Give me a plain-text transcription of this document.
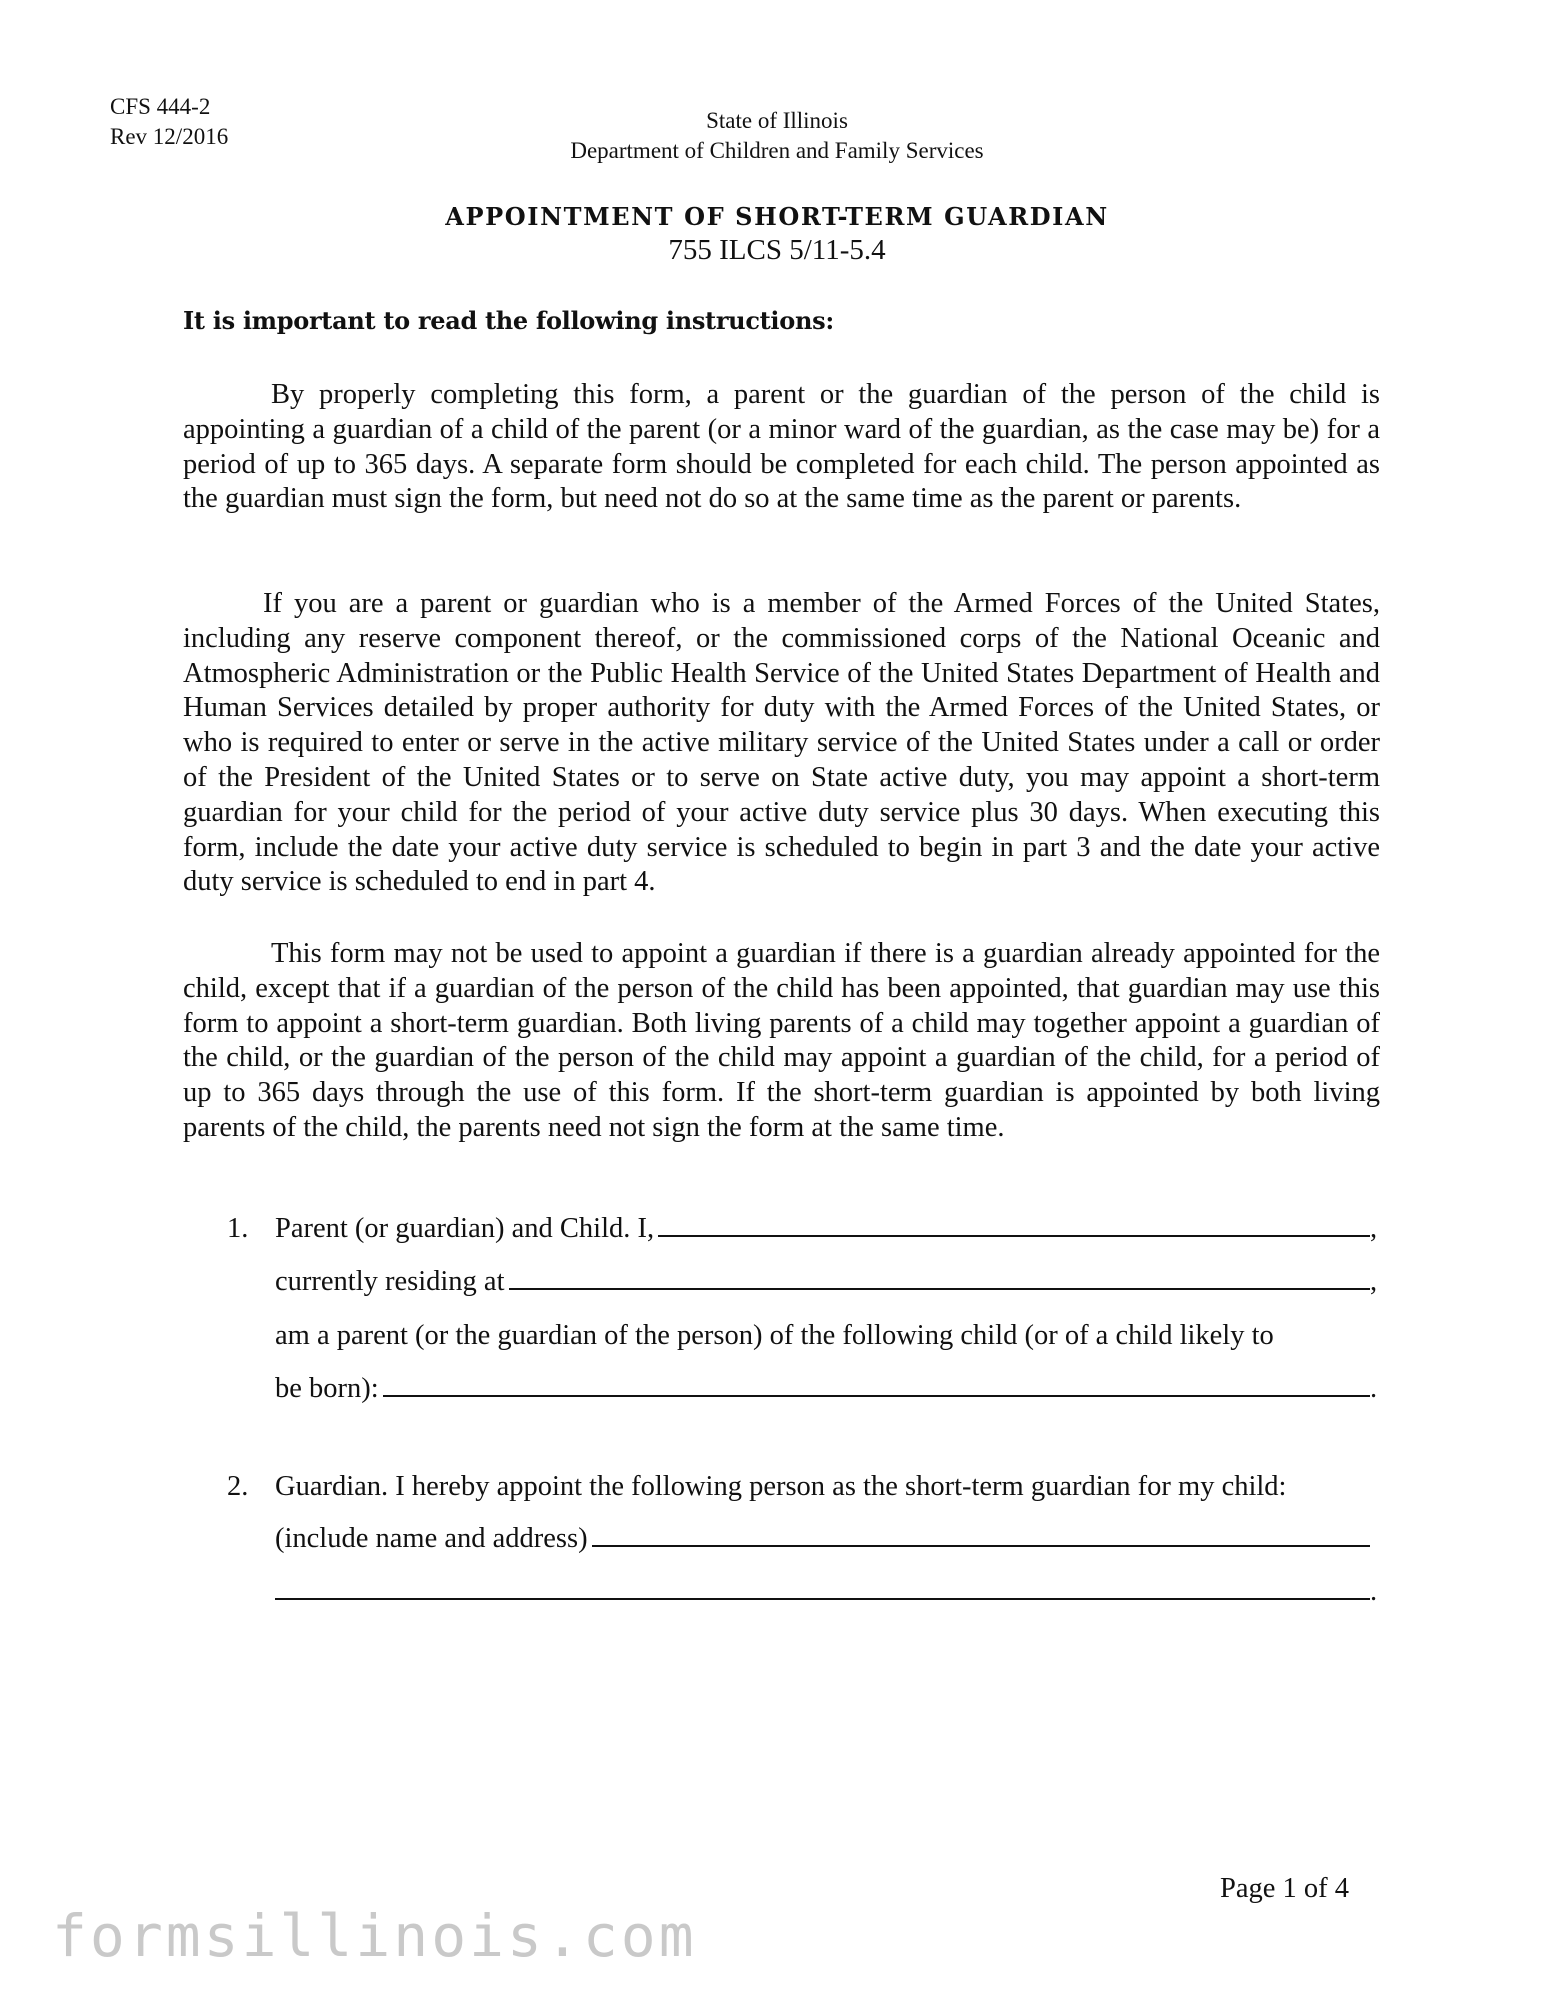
CFS 444-2
Rev 12/2016
State of Illinois
Department of Children and Family Services
APPOINTMENT OF SHORT-TERM GUARDIAN
755 ILCS 5/11-5.4
It is important to read the following instructions:
By properly completing this form, a parent or the guardian of the person of the child is appointing a guardian of a child of the parent (or a minor ward of the guardian, as the case may be) for a period of up to 365 days. A separate form should be completed for each child. The person appointed as the guardian must sign the form, but need not do so at the same time as the parent or parents.
If you are a parent or guardian who is a member of the Armed Forces of the United States, including any reserve component thereof, or the commissioned corps of the National Oceanic and Atmospheric Administration or the Public Health Service of the United States Department of Health and Human Services detailed by proper authority for duty with the Armed Forces of the United States, or who is required to enter or serve in the active military service of the United States under a call or order of the President of the United States or to serve on State active duty, you may appoint a short-term guardian for your child for the period of your active duty service plus 30 days. When executing this form, include the date your active duty service is scheduled to begin in part 3 and the date your active duty service is scheduled to end in part 4.
This form may not be used to appoint a guardian if there is a guardian already appointed for the child, except that if a guardian of the person of the child has been appointed, that guardian may use this form to appoint a short-term guardian. Both living parents of a child may together appoint a guardian of the child, or the guardian of the person of the child may appoint a guardian of the child, for a period of up to 365 days through the use of this form. If the short-term guardian is appointed by both living parents of the child, the parents need not sign the form at the same time.
1. Parent (or guardian) and Child. I,	,
currently residing at	,
am a parent (or the guardian of the person) of the following child (or of a child likely to
be born):	.
2. Guardian. I hereby appoint the following person as the short-term guardian for my child:
(include name and address)
.
Page 1 of 4
formsillinois.com
